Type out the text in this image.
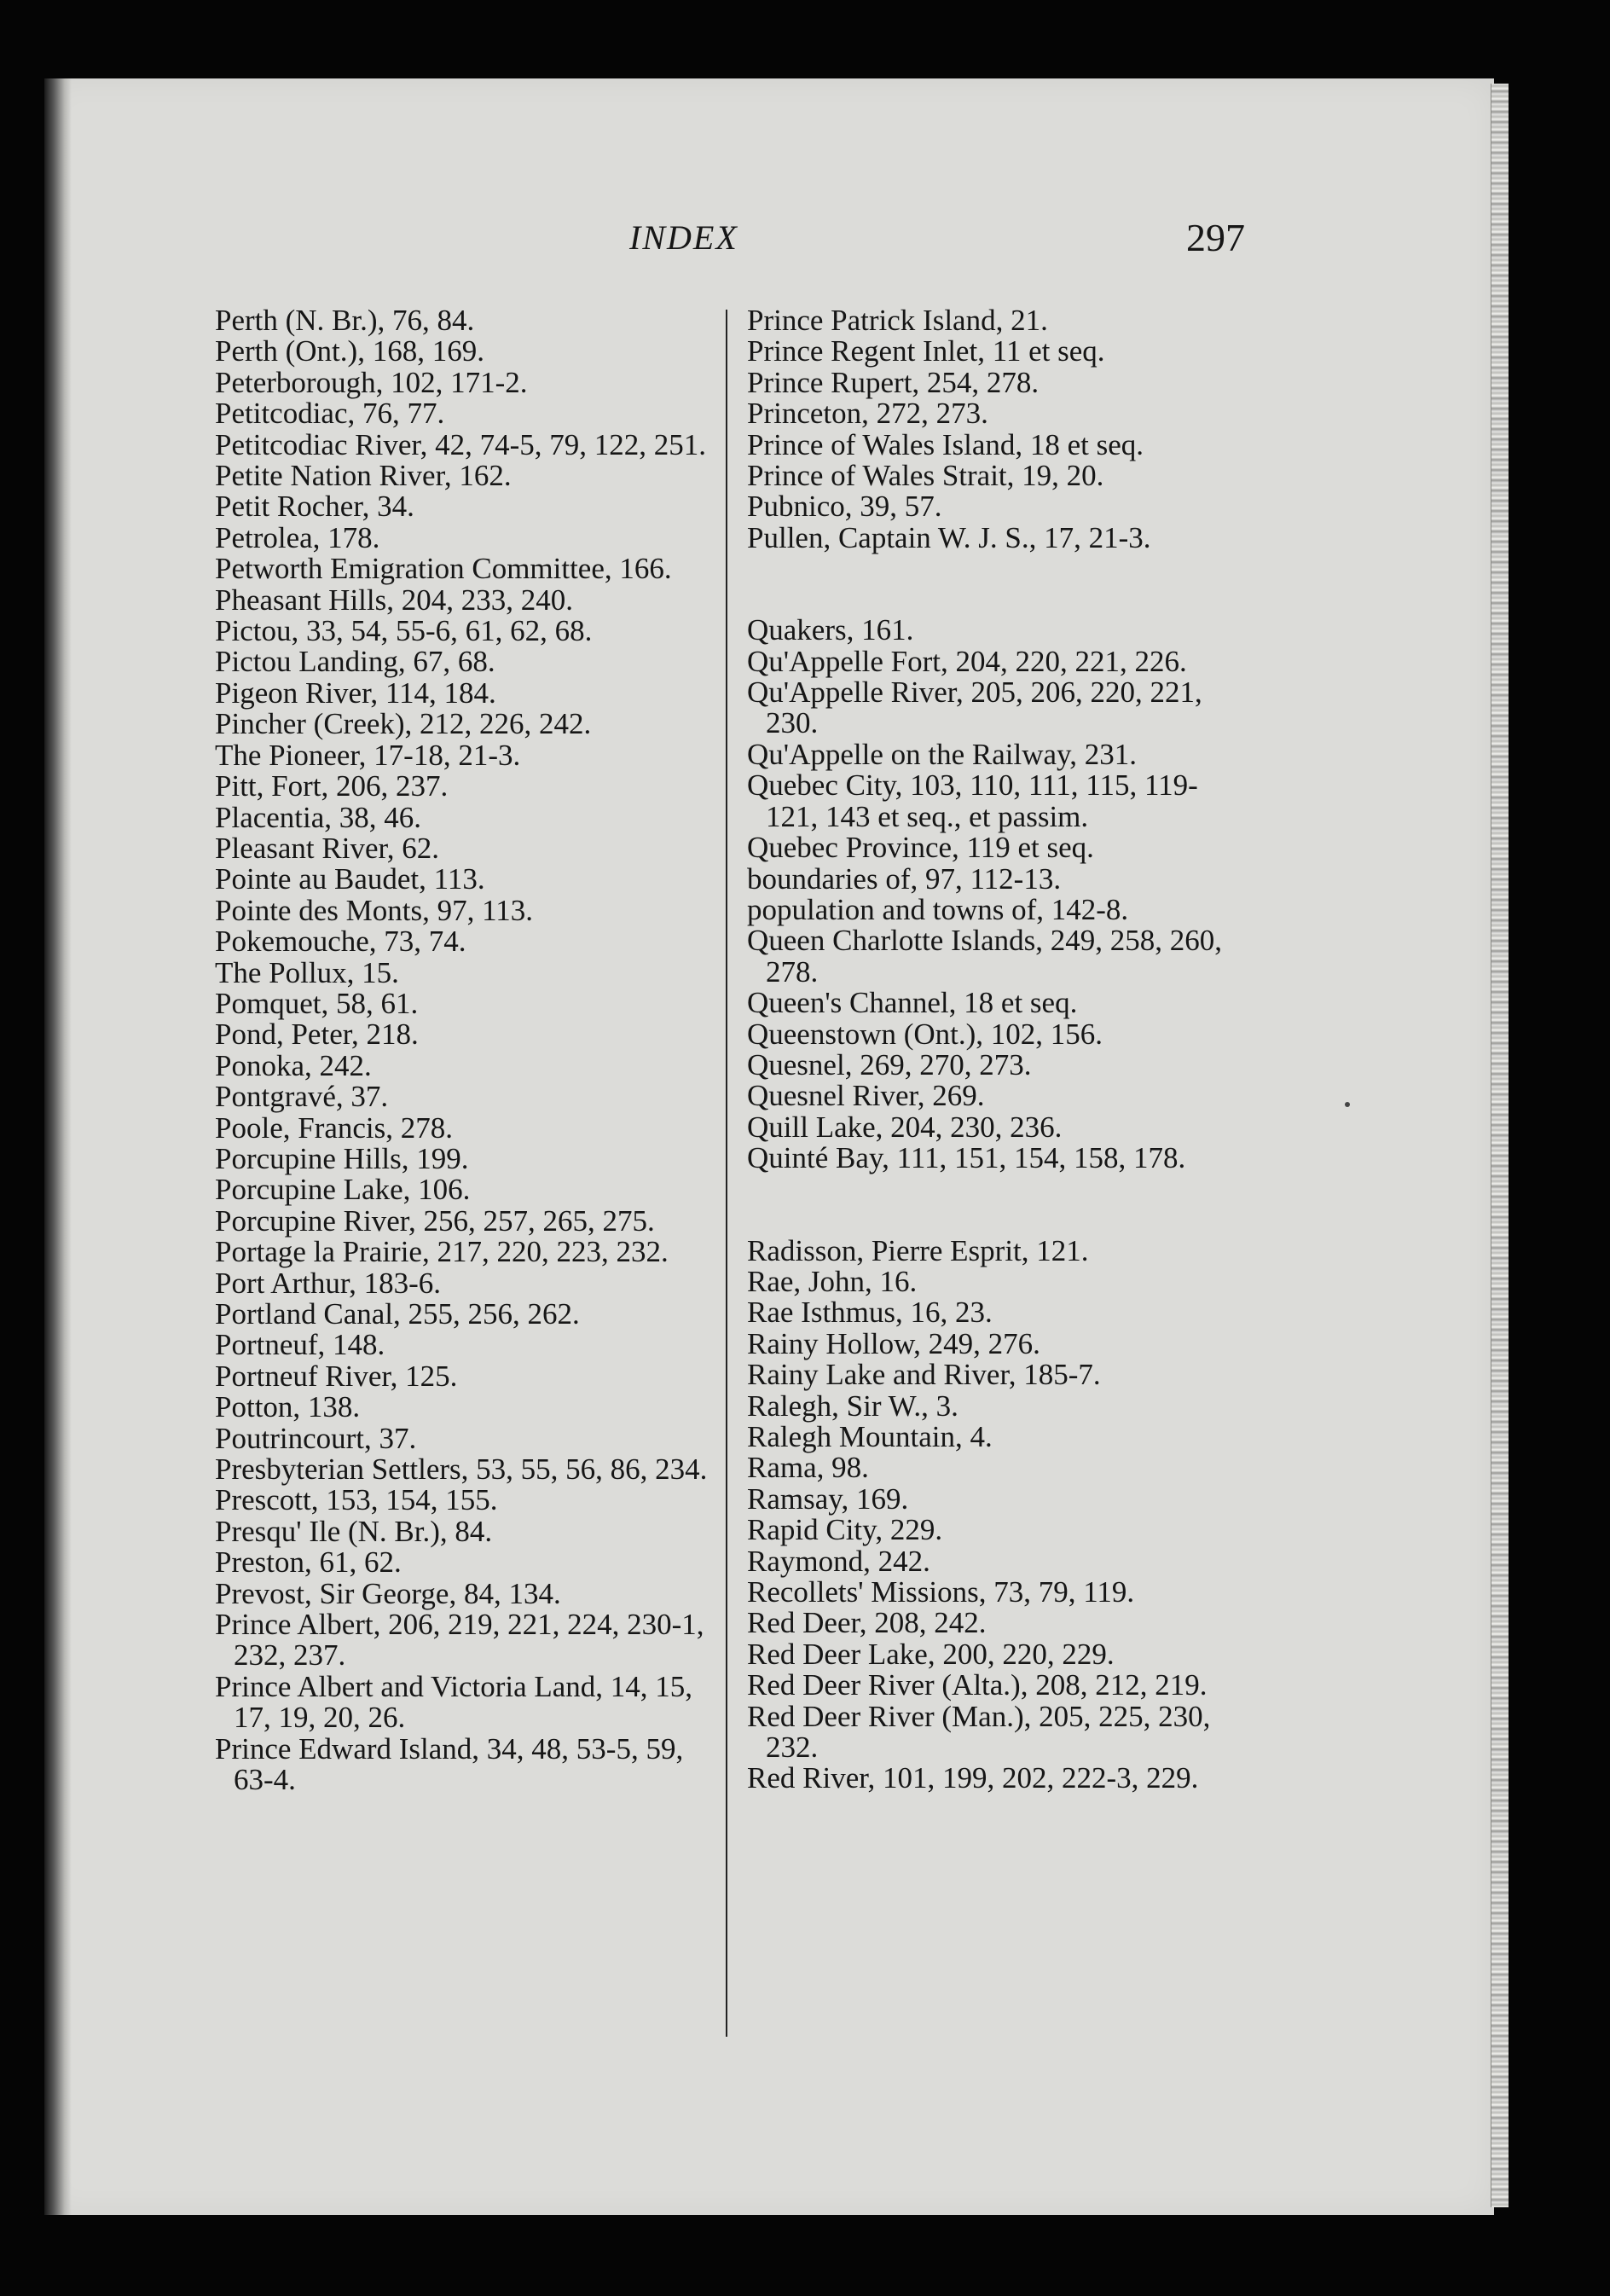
INDEX	297
Perth (N. Br.), 76, 84.
Perth (Ont.), 168, 169.
Peterborough, 102, 171-2.
Petitcodiac, 76, 77.
Petitcodiac River, 42, 74-5, 79, 122, 251.
Petite Nation River, 162.
Petit Rocher, 34.
Petrolea, 178.
Petworth Emigration Committee, 166.
Pheasant Hills, 204, 233, 240.
Pictou, 33, 54, 55-6, 61, 62, 68.
Pictou Landing, 67, 68.
Pigeon River, 114, 184.
Pincher (Creek), 212, 226, 242.
The Pioneer, 17-18, 21-3.
Pitt, Fort, 206, 237.
Placentia, 38, 46.
Pleasant River, 62.
Pointe au Baudet, 113.
Pointe des Monts, 97, 113.
Pokemouche, 73, 74.
The Pollux, 15.
Pomquet, 58, 61.
Pond, Peter, 218.
Ponoka, 242.
Pontgravé, 37.
Poole, Francis, 278.
Porcupine Hills, 199.
Porcupine Lake, 106.
Porcupine River, 256, 257, 265, 275.
Portage la Prairie, 217, 220, 223, 232.
Port Arthur, 183-6.
Portland Canal, 255, 256, 262.
Portneuf, 148.
Portneuf River, 125.
Potton, 138.
Poutrincourt, 37.
Presbyterian Settlers, 53, 55, 56, 86, 234.
Prescott, 153, 154, 155.
Presqu' Ile (N. Br.), 84.
Preston, 61, 62.
Prevost, Sir George, 84, 134.
Prince Albert, 206, 219, 221, 224, 230-1, 232, 237.
Prince Albert and Victoria Land, 14, 15, 17, 19, 20, 26.
Prince Edward Island, 34, 48, 53-5, 59, 63-4.
Prince Patrick Island, 21.
Prince Regent Inlet, 11 et seq.
Prince Rupert, 254, 278.
Princeton, 272, 273.
Prince of Wales Island, 18 et seq.
Prince of Wales Strait, 19, 20.
Pubnico, 39, 57.
Pullen, Captain W. J. S., 17, 21-3.
Quakers, 161.
Qu'Appelle Fort, 204, 220, 221, 226.
Qu'Appelle River, 205, 206, 220, 221, 230.
Qu'Appelle on the Railway, 231.
Quebec City, 103, 110, 111, 115, 119-121, 143 et seq., et passim.
Quebec Province, 119 et seq.
boundaries of, 97, 112-13.
population and towns of, 142-8.
Queen Charlotte Islands, 249, 258, 260, 278.
Queen's Channel, 18 et seq.
Queenstown (Ont.), 102, 156.
Quesnel, 269, 270, 273.
Quesnel River, 269.
Quill Lake, 204, 230, 236.
Quinté Bay, 111, 151, 154, 158, 178.
Radisson, Pierre Esprit, 121.
Rae, John, 16.
Rae Isthmus, 16, 23.
Rainy Hollow, 249, 276.
Rainy Lake and River, 185-7.
Ralegh, Sir W., 3.
Ralegh Mountain, 4.
Rama, 98.
Ramsay, 169.
Rapid City, 229.
Raymond, 242.
Recollets' Missions, 73, 79, 119.
Red Deer, 208, 242.
Red Deer Lake, 200, 220, 229.
Red Deer River (Alta.), 208, 212, 219.
Red Deer River (Man.), 205, 225, 230, 232.
Red River, 101, 199, 202, 222-3, 229.
